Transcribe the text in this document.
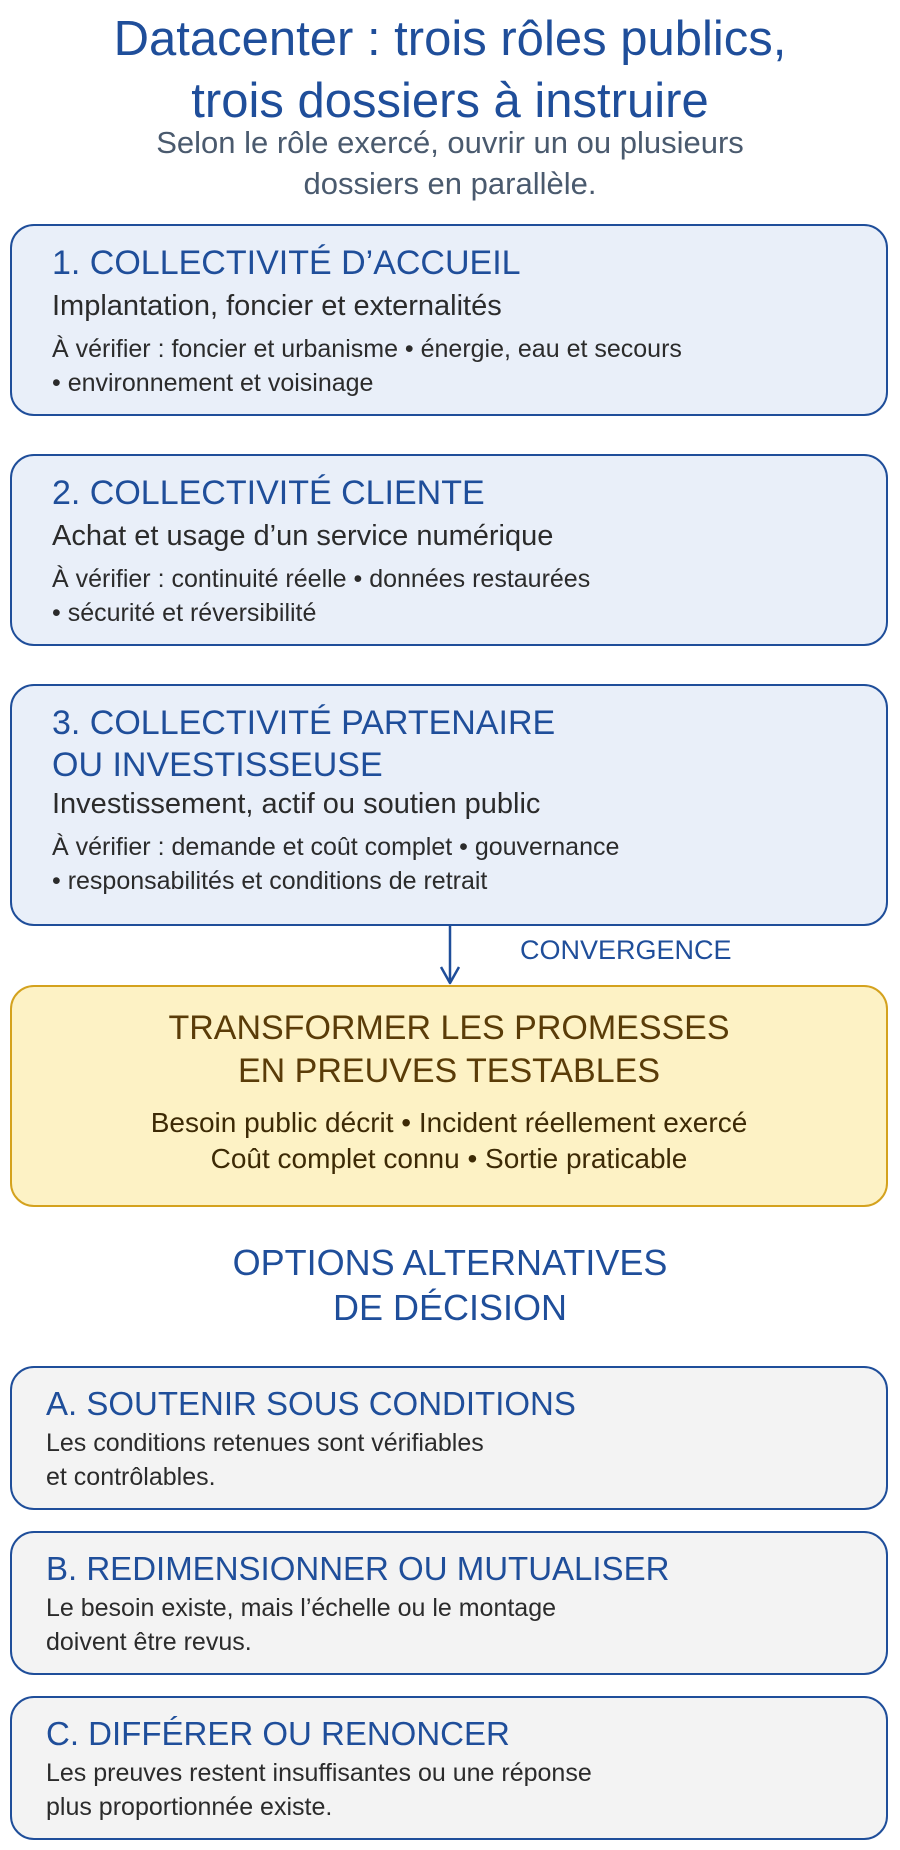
Datacenter : trois rôles publics,
trois dossiers à instruire
Selon le rôle exercé, ouvrir un ou plusieurs
dossiers en parallèle.
1. COLLECTIVITÉ D’ACCUEIL
Implantation, foncier et externalités
À vérifier : foncier et urbanisme • énergie, eau et secours
• environnement et voisinage
2. COLLECTIVITÉ CLIENTE
Achat et usage d’un service numérique
À vérifier : continuité réelle • données restaurées
• sécurité et réversibilité
3. COLLECTIVITÉ PARTENAIRE
OU INVESTISSEUSE
Investissement, actif ou soutien public
À vérifier : demande et coût complet • gouvernance
• responsabilités et conditions de retrait
CONVERGENCE
TRANSFORMER LES PROMESSES
EN PREUVES TESTABLES
Besoin public décrit • Incident réellement exercé
Coût complet connu • Sortie praticable
OPTIONS ALTERNATIVES
DE DÉCISION
A. SOUTENIR SOUS CONDITIONS
Les conditions retenues sont vérifiables
et contrôlables.
B. REDIMENSIONNER OU MUTUALISER
Le besoin existe, mais l’échelle ou le montage
doivent être revus.
C. DIFFÉRER OU RENONCER
Les preuves restent insuffisantes ou une réponse
plus proportionnée existe.
